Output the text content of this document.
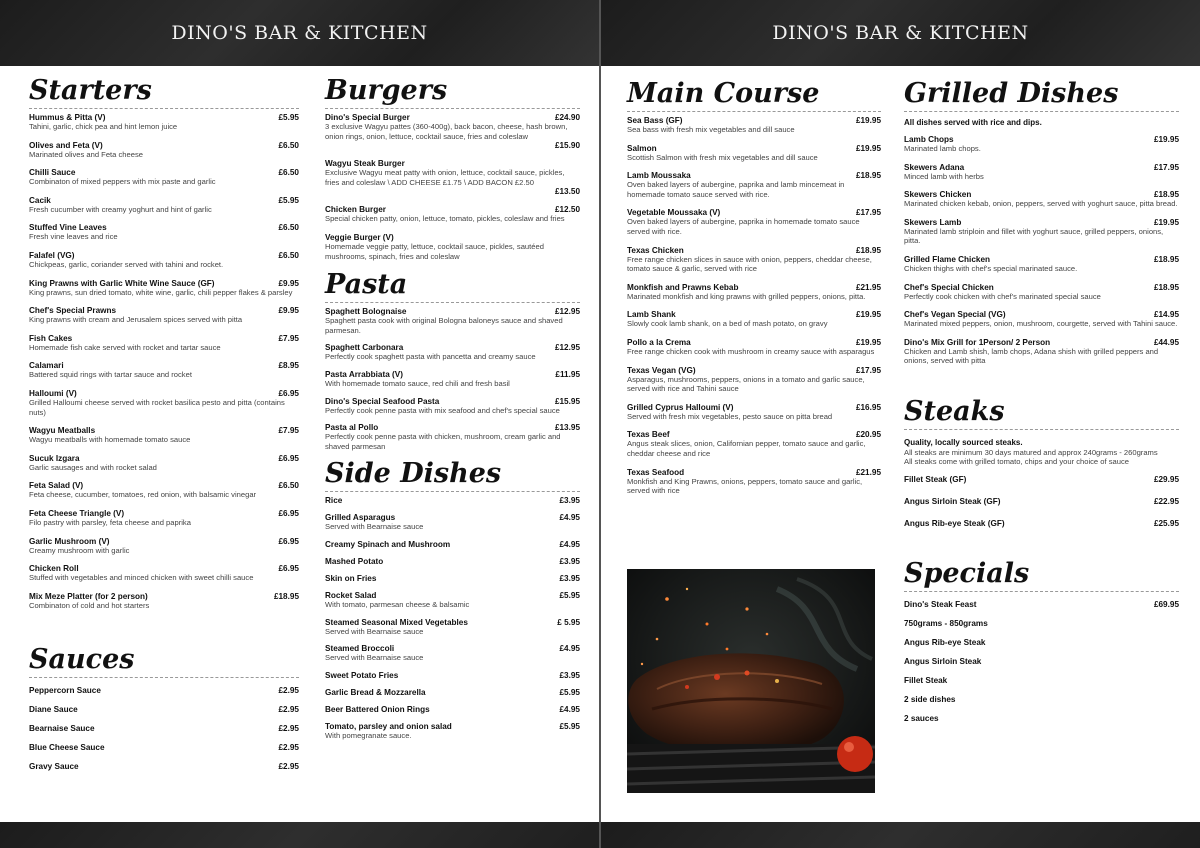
DINO'S BAR & KITCHEN
Starters
Hummus & Pitta (V)	£5.95
Tahini, garlic, chick pea and hint lemon juice
Olives and Feta (V)	£6.50
Marinated olives and Feta cheese
Chilli Sauce	£6.50
Combinaton of mixed peppers with mix paste and garlic
Cacik	£5.95
Fresh cucumber with creamy yoghurt and hint of garlic
Stuffed Vine Leaves	£6.50
Fresh vine leaves and rice
Falafel (VG)	£6.50
Chickpeas, garlic, coriander served with tahini and rocket.
King Prawns with Garlic White Wine Sauce (GF)	£9.95
King prawns, sun dried tomato, white wine, garlic, chili pepper flakes & parsley
Chef's Special Prawns	£9.95
King prawns with cream and Jerusalem spices served with pitta
Fish Cakes	£7.95
Homemade fish cake served with rocket and tartar sauce
Calamari	£8.95
Battered squid rings with tartar sauce and rocket
Halloumi (V)	£6.95
Grilled Halloumi cheese served with rocket basilica pesto and pitta (contains nuts)
Wagyu Meatballs	£7.95
Wagyu meatballs with homemade tomato sauce
Sucuk Izgara	£6.95
Garlic sausages and with rocket salad
Feta Salad (V)	£6.50
Feta cheese, cucumber, tomatoes, red onion, with balsamic vinegar
Feta Cheese Triangle (V)	£6.95
Filo pastry with parsley, feta cheese and paprika
Garlic Mushroom (V)	£6.95
Creamy mushroom with garlic
Chicken Roll	£6.95
Stuffed with vegetables and minced chicken with sweet chilli sauce
Mix Meze Platter (for 2 person)	£18.95
Combinaton of cold and hot starters
Sauces
Peppercorn Sauce	£2.95
Diane Sauce	£2.95
Bearnaise Sauce	£2.95
Blue Cheese Sauce	£2.95
Gravy Sauce	£2.95
Burgers
Dino's Special Burger	£24.90
3 exclusive Wagyu pattes (360-400g), back bacon, cheese, hash brown, onion rings, onion, lettuce, cocktail sauce, fries and coleslaw
£15.90
Wagyu Steak Burger
Exclusive Wagyu meat patty with onion, lettuce, cocktail sauce, pickles, fries and coleslaw \ ADD CHEESE £1.75 \ ADD BACON £2.50
£13.50
Chicken Burger	£12.50
Special chicken patty, onion, lettuce, tomato, pickles, coleslaw and fries
Veggie Burger (V)
Homemade veggie patty, lettuce, cocktail sauce, pickles, sautéed mushrooms, spinach, fries and coleslaw
Pasta
Spaghett Bolognaise	£12.95
Spaghett pasta cook with original Bologna baloneys sauce and shaved parmesan.
Spaghett Carbonara	£12.95
Perfectly cook spaghett pasta with pancetta and creamy sauce
Pasta Arrabbiata (V)	£11.95
With homemade tomato sauce, red chili and fresh basil
Dino's Special Seafood Pasta	£15.95
Perfectly cook penne pasta with mix seafood and chef's special sauce
Pasta al Pollo	£13.95
Perfectly cook penne pasta with chicken, mushroom, cream garlic and shaved parmesan
Side Dishes
Rice	£3.95
Grilled Asparagus	£4.95
Served with Bearnaise sauce
Creamy Spinach and Mushroom	£4.95
Mashed Potato	£3.95
Skin on Fries	£3.95
Rocket Salad	£5.95
With tomato, parmesan cheese & balsamic
Steamed Seasonal Mixed Vegetables	£ 5.95
Served with Bearnaise sauce
Steamed Broccoli	£4.95
Served with Bearnaise sauce
Sweet Potato Fries	£3.95
Garlic Bread & Mozzarella	£5.95
Beer Battered Onion Rings	£4.95
Tomato, parsley and onion salad	£5.95
With pomegranate sauce.
DINO'S BAR & KITCHEN
Main Course
Sea Bass (GF)	£19.95
Sea bass with fresh mix vegetables and dill sauce
Salmon	£19.95
Scottish Salmon with fresh mix vegetables and dill sauce
Lamb Moussaka	£18.95
Oven baked layers of aubergine, paprika and lamb mincemeat in homemade tomato sauce served with rice.
Vegetable Moussaka (V)	£17.95
Oven baked layers of aubergine, paprika in homemade tomato sauce served with rice.
Texas Chicken	£18.95
Free range chicken slices in sauce with onion, peppers, cheddar cheese, tomato sauce & garlic, served with rice
Monkfish and Prawns Kebab	£21.95
Marinated monkfish and king prawns with grilled peppers, onions, pitta.
Lamb Shank	£19.95
Slowly cook lamb shank, on a bed of mash potato, on gravy
Pollo a la Crema	£19.95
Free range chicken cook with mushroom in creamy sauce with asparagus
Texas Vegan (VG)	£17.95
Asparagus, mushrooms, peppers, onions in a tomato and garlic sauce, served with rice and Tahini sauce
Grilled Cyprus Halloumi (V)	£16.95
Served with fresh mix vegetables, pesto sauce on pitta bread
Texas Beef	£20.95
Angus steak slices, onion, Californian pepper, tomato sauce and garlic, cheddar cheese and rice
Texas Seafood	£21.95
Monkfish and King Prawns, onions, peppers, tomato sauce and garlic, served with rice
Grilled Dishes
All dishes served with rice and dips.
Lamb Chops	£19.95
Marinated lamb chops.
Skewers Adana	£17.95
Minced lamb with herbs
Skewers Chicken	£18.95
Marinated chicken kebab, onion, peppers, served with yoghurt sauce, pitta bread.
Skewers Lamb	£19.95
Marinated lamb striploin and fillet with yoghurt sauce, grilled peppers, onions, pitta.
Grilled Flame Chicken	£18.95
Chicken thighs with chef's special marinated sauce.
Chef's Special Chicken	£18.95
Perfectly cook chicken with chef's marinated special sauce
Chef's Vegan Special (VG)	£14.95
Marinated mixed peppers, onion, mushroom, courgette, served with Tahini sauce.
Dino's Mix Grill for 1Person/ 2 Person	£44.95
Chicken and Lamb shish, lamb chops, Adana shish with grilled peppers and onions, served with pitta
Steaks
Quality, locally sourced steaks.
All steaks are minimum 30 days matured and approx 240grams - 260grams
All steaks come with grilled tomato, chips and your choice of sauce
Fillet Steak (GF)	£29.95
Angus Sirloin Steak (GF)	£22.95
Angus Rib-eye Steak (GF)	£25.95
Specials
Dino's Steak Feast	£69.95
750grams - 850grams
Angus Rib-eye Steak
Angus Sirloin Steak
Fillet Steak
2 side dishes
2 sauces
